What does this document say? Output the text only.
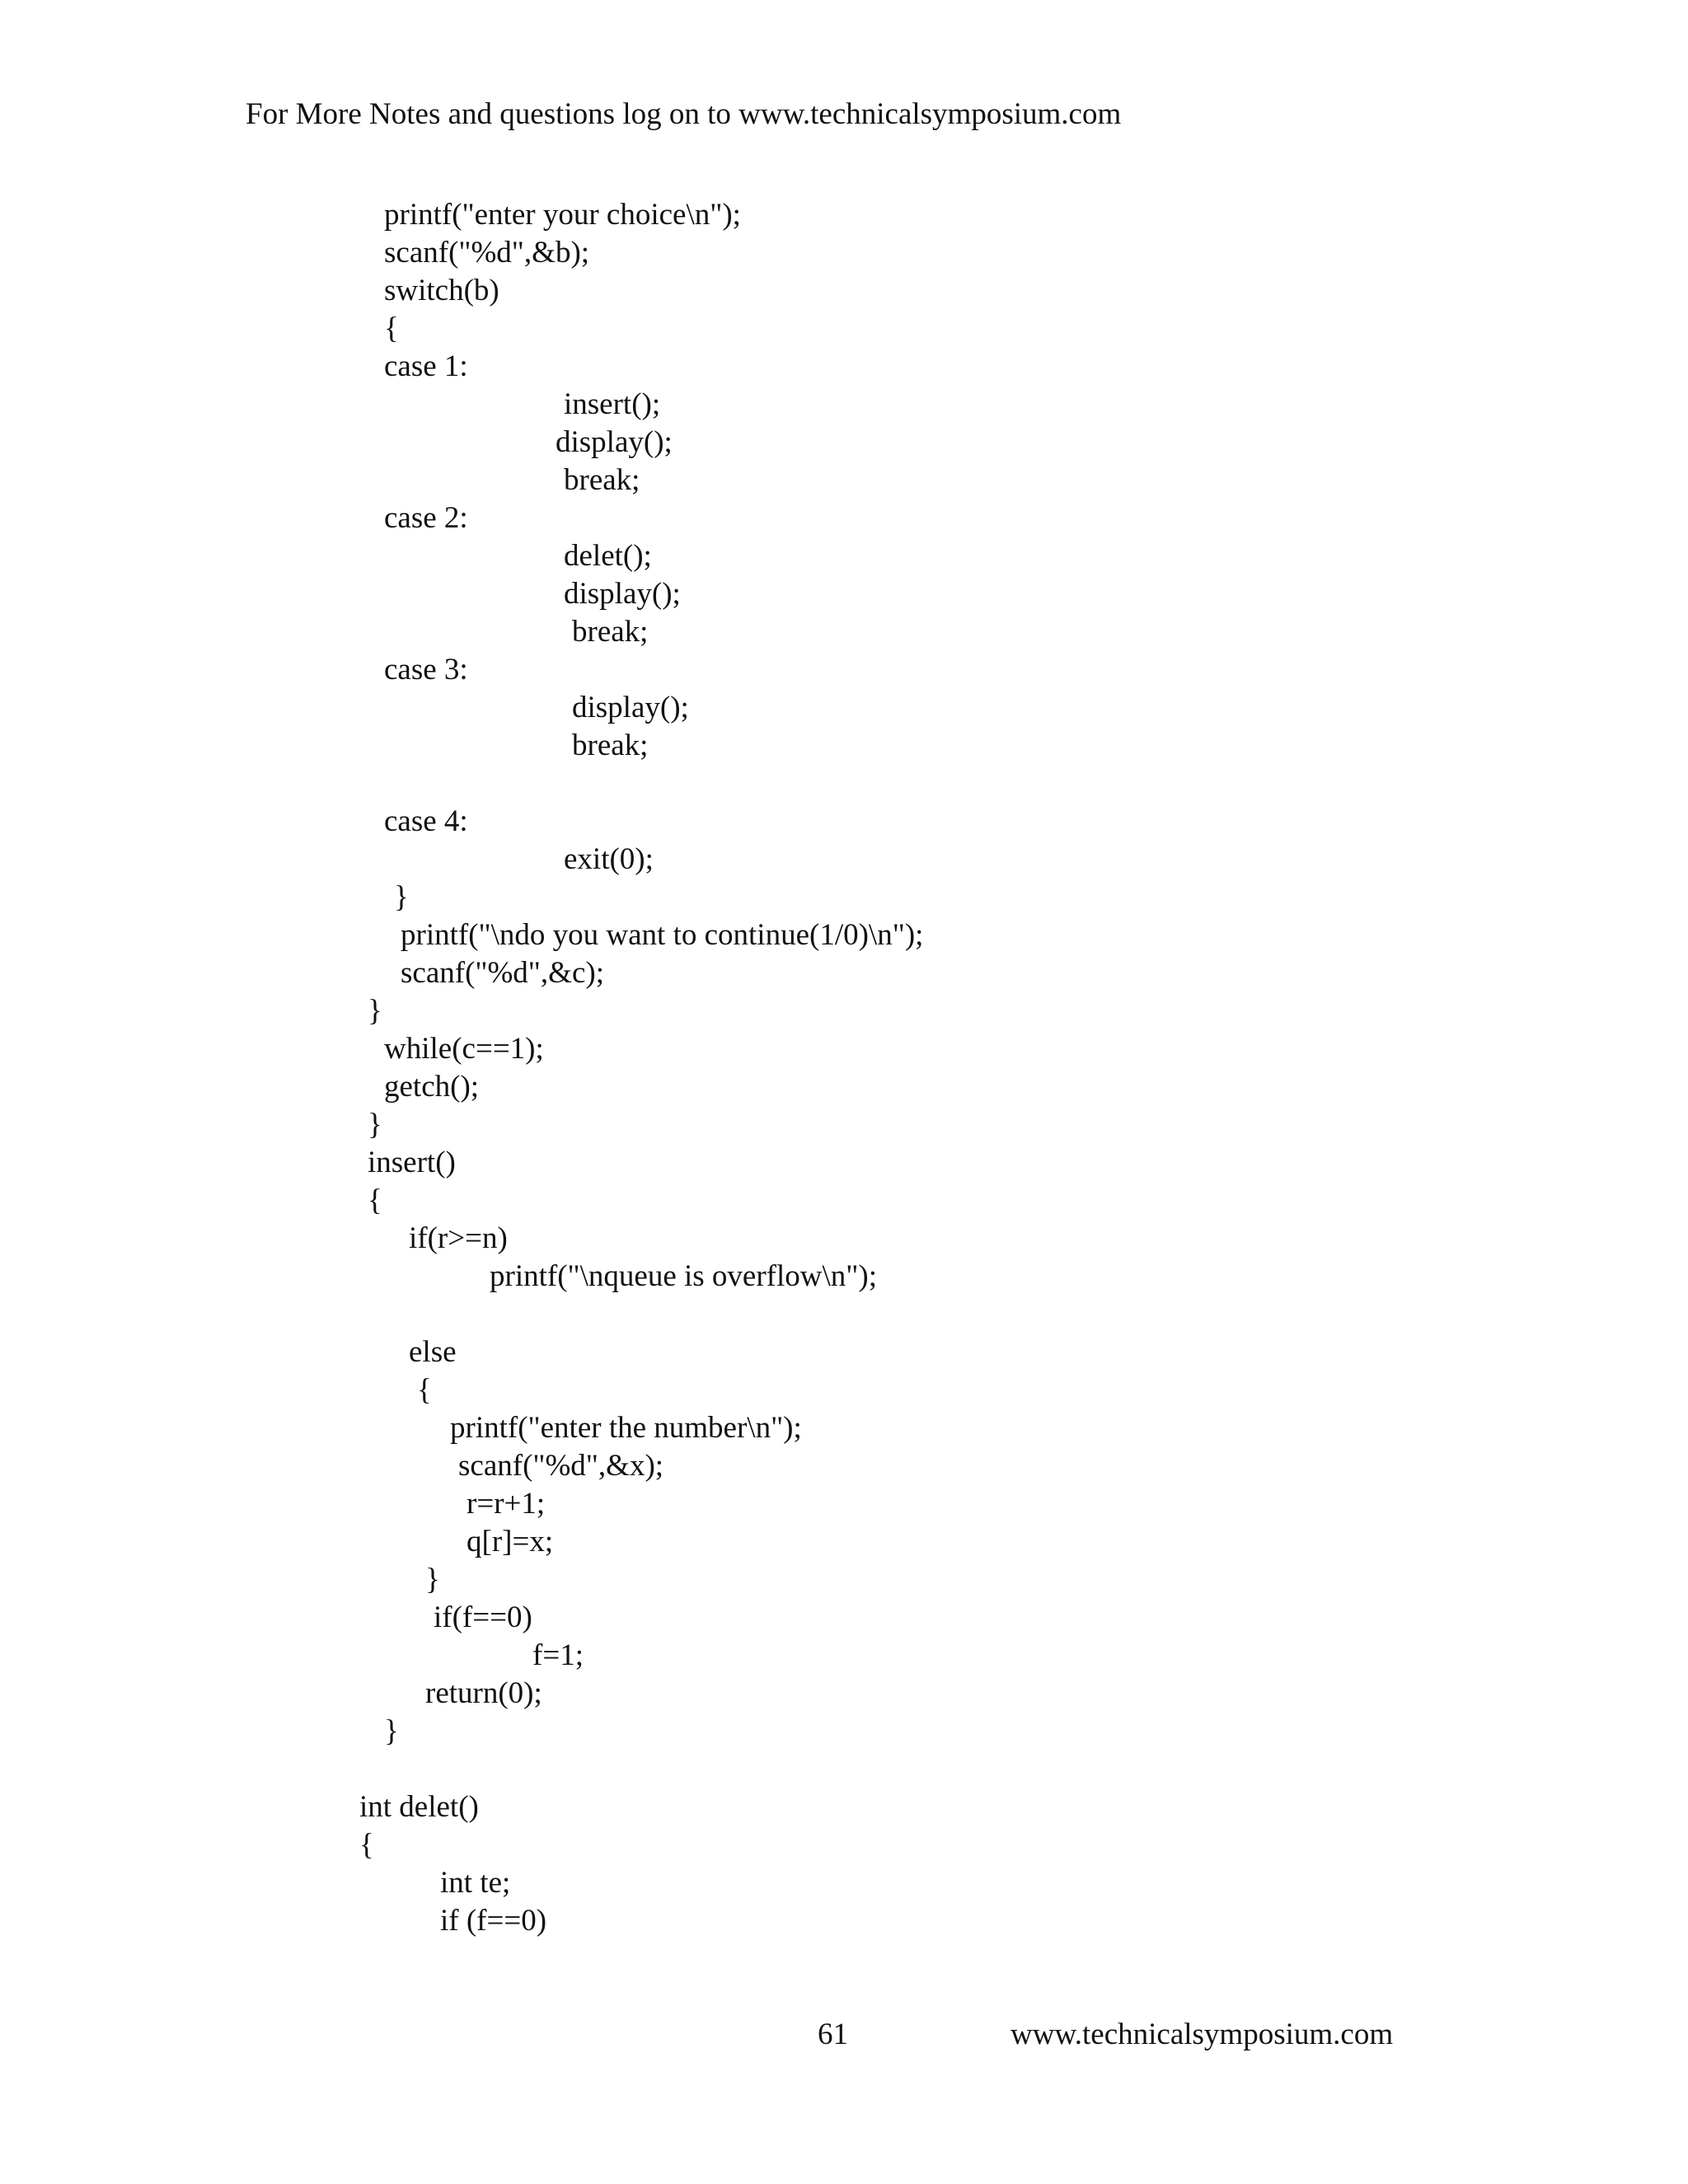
For More Notes and questions log on to www.technicalsymposium.com
printf("enter your choice\n");
scanf("%d",&b);
switch(b)
{
case 1:
insert();
display();
break;
case 2:
delet();
display();
break;
case 3:
display();
break;
case 4:
exit(0);
}
printf("\ndo you want to continue(1/0)\n");
scanf("%d",&c);
}
while(c==1);
getch();
}
insert()
{
if(r>=n)
printf("\nqueue is overflow\n");
else
{
printf("enter the number\n");
scanf("%d",&x);
r=r+1;
q[r]=x;
}
if(f==0)
f=1;
return(0);
}
int delet()
{
int te;
if (f==0)
61	www.technicalsymposium.com
